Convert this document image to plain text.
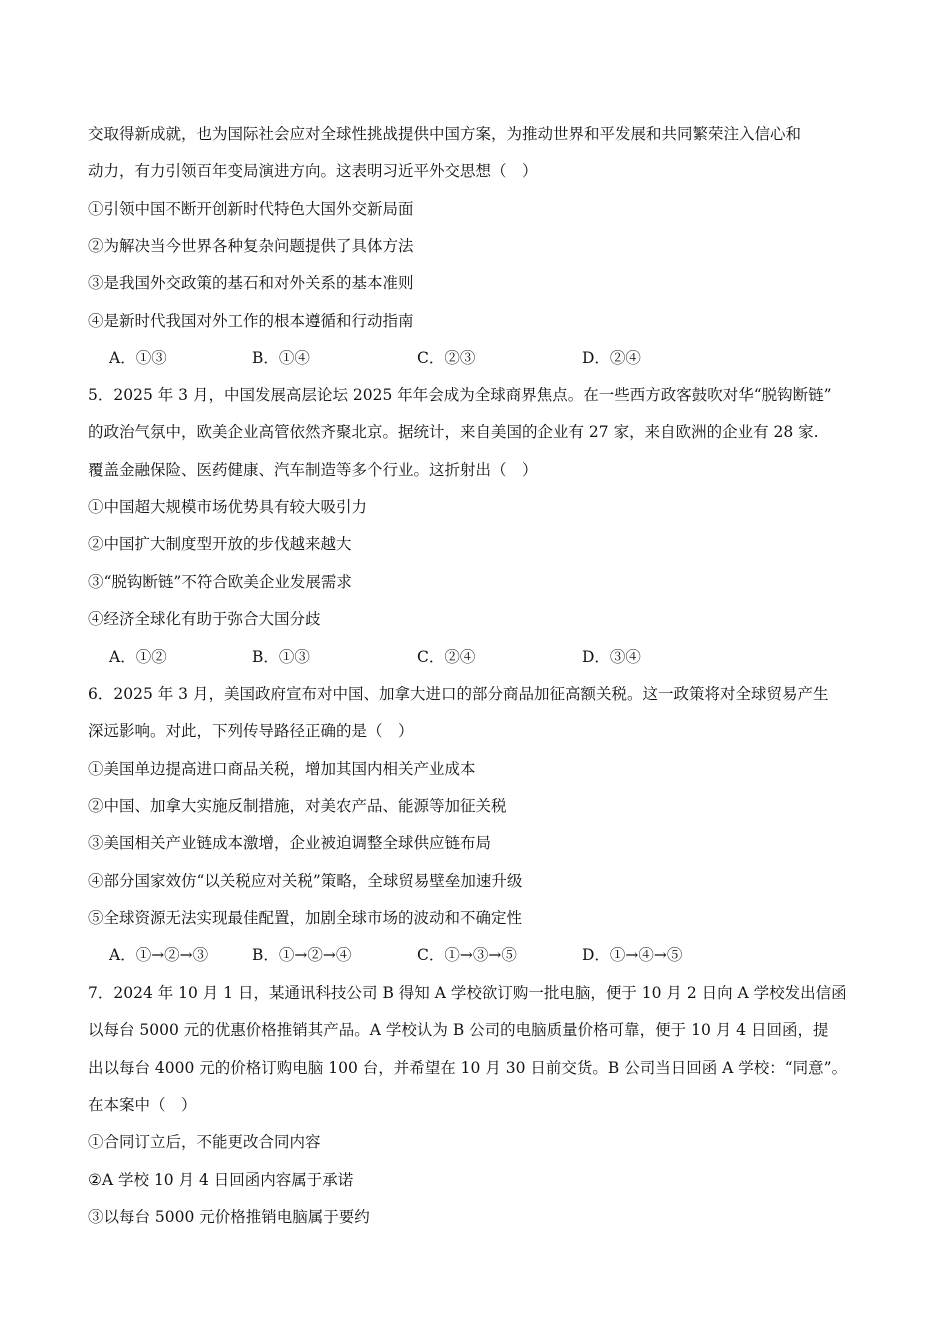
交取得新成就，也为国际社会应对全球性挑战提供中国方案，为推动世界和平发展和共同繁荣注入信心和
动力，有力引领百年变局演进方向。这表明习近平外交思想（　）
①引领中国不断开创新时代特色大国外交新局面
②为解决当今世界各种复杂问题提供了具体方法
③是我国外交政策的基石和对外关系的基本准则
④是新时代我国对外工作的根本遵循和行动指南
A．①③	B．①④	C．②③	D．②④
5．2025 年 3 月，中国发展高层论坛 2025 年年会成为全球商界焦点。在一些西方政客鼓吹对华“脱钩断链”
的政治气氛中，欧美企业高管依然齐聚北京。据统计，来自美国的企业有 27 家，来自欧洲的企业有 28 家.
覆盖金融保险、医药健康、汽车制造等多个行业。这折射出（　）
①中国超大规模市场优势具有较大吸引力
②中国扩大制度型开放的步伐越来越大
③“脱钩断链”不符合欧美企业发展需求
④经济全球化有助于弥合大国分歧
A．①②	B．①③	C．②④	D．③④
6．2025 年 3 月，美国政府宣布对中国、加拿大进口的部分商品加征高额关税。这一政策将对全球贸易产生
深远影响。对此，下列传导路径正确的是（　）
①美国单边提高进口商品关税，增加其国内相关产业成本
②中国、加拿大实施反制措施，对美农产品、能源等加征关税
③美国相关产业链成本激增，企业被迫调整全球供应链布局
④部分国家效仿“以关税应对关税”策略，全球贸易壁垒加速升级
⑤全球资源无法实现最佳配置，加剧全球市场的波动和不确定性
A．①→②→③	B．①→②→④	C．①→③→⑤	D．①→④→⑤
7．2024 年 10 月 1 日，某通讯科技公司 B 得知 A 学校欲订购一批电脑，便于 10 月 2 日向 A 学校发出信函
以每台 5000 元的优惠价格推销其产品。A 学校认为 B 公司的电脑质量价格可靠，便于 10 月 4 日回函，提
出以每台 4000 元的价格订购电脑 100 台，并希望在 10 月 30 日前交货。B 公司当日回函 A 学校：“同意”。
在本案中（　）
①合同订立后，不能更改合同内容
②A 学校 10 月 4 日回函内容属于承诺
③以每台 5000 元价格推销电脑属于要约
